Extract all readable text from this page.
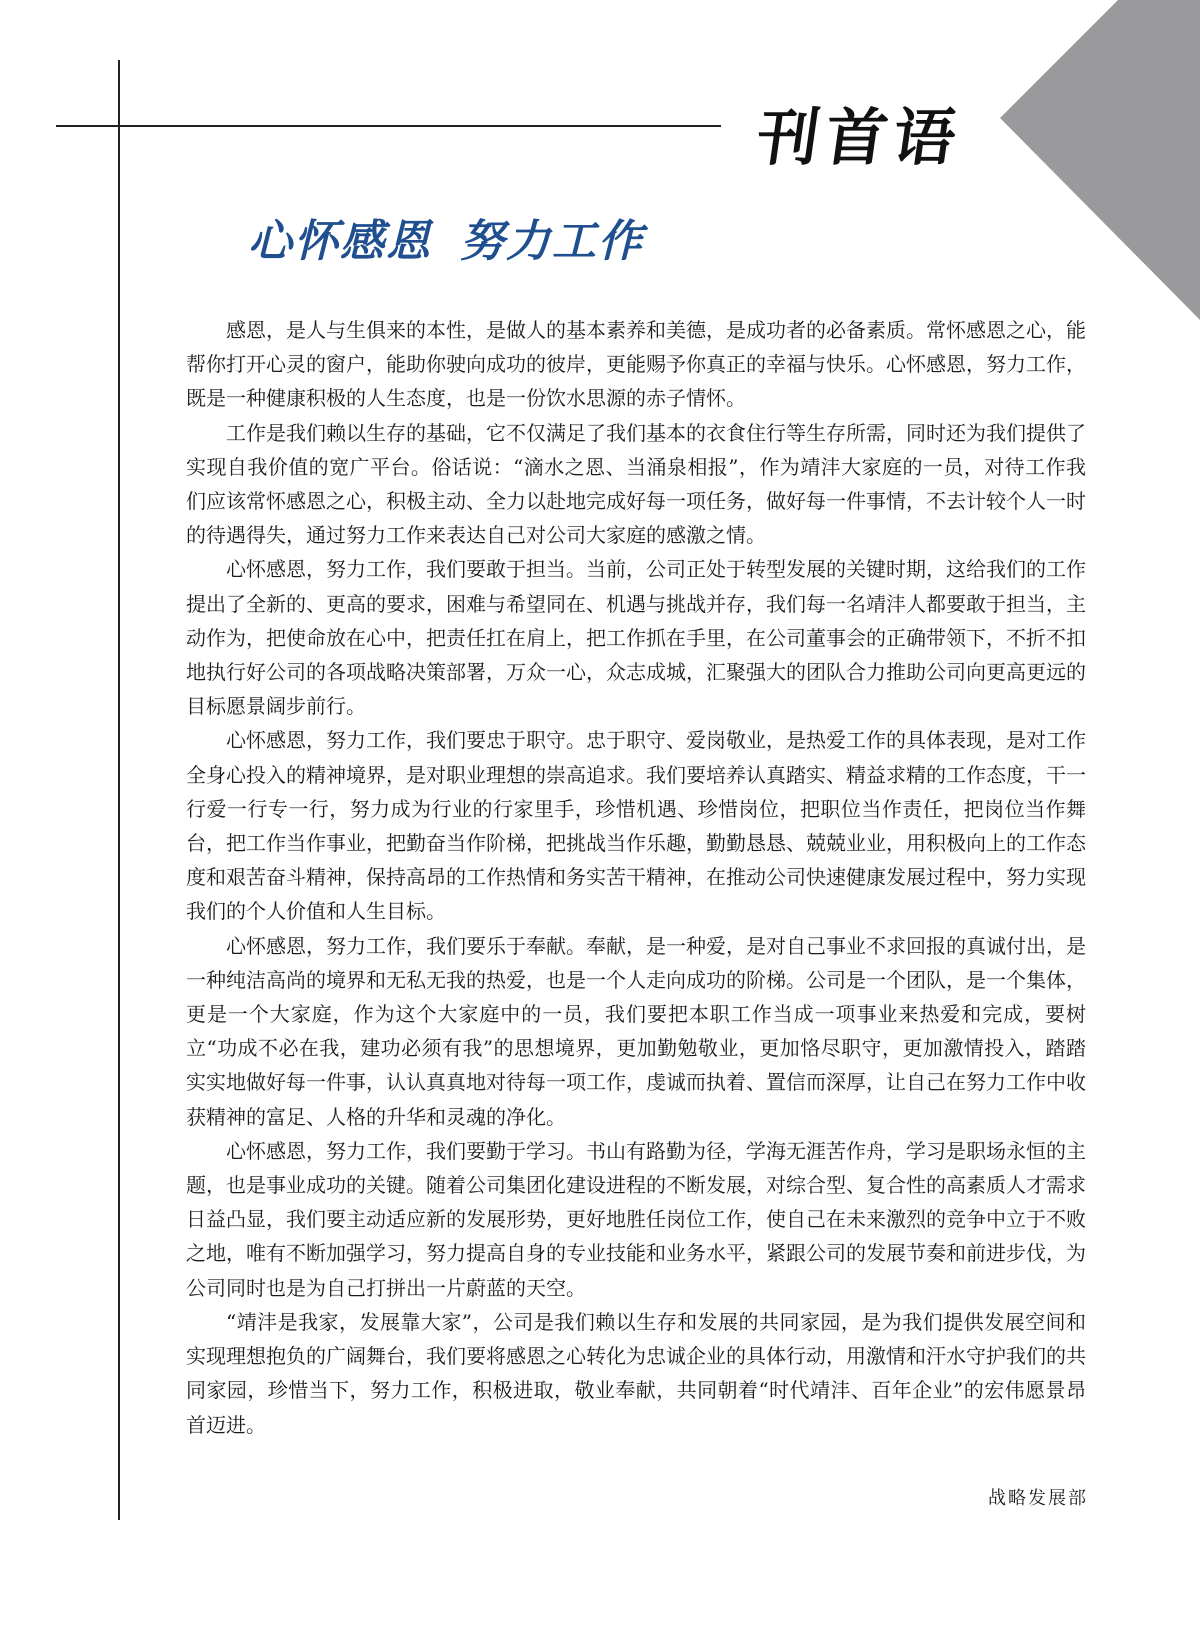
刊首语
心怀感恩 努力工作

感恩，是人与生俱来的本性，是做人的基本素养和美德，是成功者的必备素质。常怀感恩之心，能帮你打开心灵的窗户，能助你驶向成功的彼岸，更能赐予你真正的幸福与快乐。心怀感恩，努力工作，既是一种健康积极的人生态度，也是一份饮水思源的赤子情怀。

工作是我们赖以生存的基础，它不仅满足了我们基本的衣食住行等生存所需，同时还为我们提供了实现自我价值的宽广平台。俗话说：“滴水之恩、当涌泉相报”，作为靖沣大家庭的一员，对待工作我们应该常怀感恩之心，积极主动、全力以赴地完成好每一项任务，做好每一件事情，不去计较个人一时的待遇得失，通过努力工作来表达自己对公司大家庭的感激之情。

心怀感恩，努力工作，我们要敢于担当。当前，公司正处于转型发展的关键时期，这给我们的工作提出了全新的、更高的要求，困难与希望同在、机遇与挑战并存，我们每一名靖沣人都要敢于担当，主动作为，把使命放在心中，把责任扛在肩上，把工作抓在手里，在公司董事会的正确带领下，不折不扣地执行好公司的各项战略决策部署，万众一心，众志成城，汇聚强大的团队合力推助公司向更高更远的目标愿景阔步前行。

心怀感恩，努力工作，我们要忠于职守。忠于职守、爱岗敬业，是热爱工作的具体表现，是对工作全身心投入的精神境界，是对职业理想的崇高追求。我们要培养认真踏实、精益求精的工作态度，干一行爱一行专一行，努力成为行业的行家里手，珍惜机遇、珍惜岗位，把职位当作责任，把岗位当作舞台，把工作当作事业，把勤奋当作阶梯，把挑战当作乐趣，勤勤恳恳、兢兢业业，用积极向上的工作态度和艰苦奋斗精神，保持高昂的工作热情和务实苦干精神，在推动公司快速健康发展过程中，努力实现我们的个人价值和人生目标。

心怀感恩，努力工作，我们要乐于奉献。奉献，是一种爱，是对自己事业不求回报的真诚付出，是一种纯洁高尚的境界和无私无我的热爱，也是一个人走向成功的阶梯。公司是一个团队，是一个集体，更是一个大家庭，作为这个大家庭中的一员，我们要把本职工作当成一项事业来热爱和完成，要树立“功成不必在我，建功必须有我”的思想境界，更加勤勉敬业，更加恪尽职守，更加激情投入，踏踏实实地做好每一件事，认认真真地对待每一项工作，虔诚而执着、置信而深厚，让自己在努力工作中收获精神的富足、人格的升华和灵魂的净化。

心怀感恩，努力工作，我们要勤于学习。书山有路勤为径，学海无涯苦作舟，学习是职场永恒的主题，也是事业成功的关键。随着公司集团化建设进程的不断发展，对综合型、复合性的高素质人才需求日益凸显，我们要主动适应新的发展形势，更好地胜任岗位工作，使自己在未来激烈的竞争中立于不败之地，唯有不断加强学习，努力提高自身的专业技能和业务水平，紧跟公司的发展节奏和前进步伐，为公司同时也是为自己打拼出一片蔚蓝的天空。

“靖沣是我家，发展靠大家”，公司是我们赖以生存和发展的共同家园，是为我们提供发展空间和实现理想抱负的广阔舞台，我们要将感恩之心转化为忠诚企业的具体行动，用激情和汗水守护我们的共同家园，珍惜当下，努力工作，积极进取，敬业奉献，共同朝着“时代靖沣、百年企业”的宏伟愿景昂首迈进。

战略发展部
